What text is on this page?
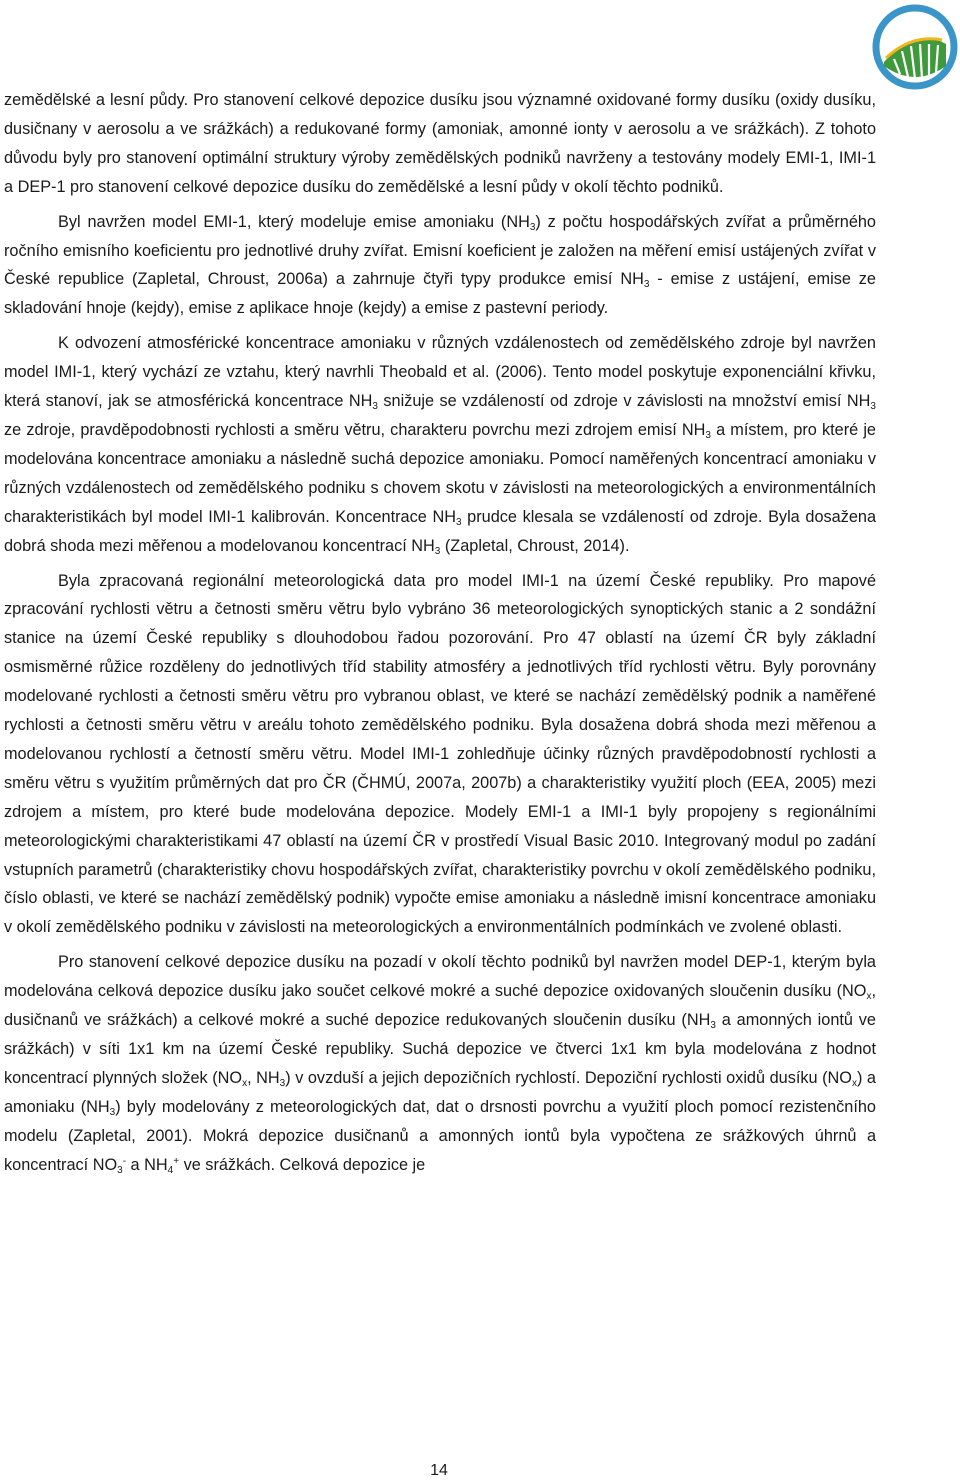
zemědělské a lesní půdy. Pro stanovení celkové depozice dusíku jsou významné oxidované formy dusíku (oxidy dusíku, dusičnany v aerosolu a ve srážkách) a redukované formy (amoniak, amonné ionty v aerosolu a ve srážkách). Z tohoto důvodu byly pro stanovení optimální struktury výroby zemědělských podniků navrženy a testovány modely EMI-1, IMI-1 a DEP-1 pro stanovení celkové depozice dusíku do zemědělské a lesní půdy v okolí těchto podniků.

Byl navržen model EMI-1, který modeluje emise amoniaku $(NH_3)$ z počtu hospodářských zvířat a průměrného ročního emisního koeficientu pro jednotlivé druhy zvířat. Emisní koeficient je založen na měření emisí ustájených zvířat v České republice (Zapletal, Chroust, 2006a) a zahrnuje čtyři typy produkce emisí $NH_3$ - emise z ustájení, emise ze skladování hnoje (kejdy), emise z aplikace hnoje (kejdy) a emise z pastevní periody.

K odvození atmosférické koncentrace amoniaku v různých vzdálenostech od zemědělského zdroje byl navržen model IMI-1, který vychází ze vztahu, který navrhli Theobald et al. (2006). Tento model poskytuje exponenciální křivku, která stanoví, jak se atmosférická koncentrace $NH_3$ snižuje se vzdáleností od zdroje v závislosti na množství emisí $NH_3$ ze zdroje, pravděpodobnosti rychlosti a směru větru, charakteru povrchu mezi zdrojem emisí $NH_3$ a místem, pro které je modelována koncentrace amoniaku a následně suchá depozice amoniaku. Pomocí naměřených koncentrací amoniaku v různých vzdálenostech od zemědělského podniku s chovem skotu v závislosti na meteorologických a environmentálních charakteristikách byl model IMI-1 kalibrován. Koncentrace $NH_3$ prudce klesala se vzdáleností od zdroje. Byla dosažena dobrá shoda mezi měřenou a modelovanou koncentrací $NH_3$ (Zapletal, Chroust, 2014).

Byla zpracovaná regionální meteorologická data pro model IMI-1 na území České republiky. Pro mapové zpracování rychlosti větru a četnosti směru větru bylo vybráno 36 meteorologických synoptických stanic a 2 sondážní stanice na území České republiky s dlouhodobou řadou pozorování. Pro 47 oblastí na území ČR byly základní osmisměrné růžice rozděleny do jednotlivých tříd stability atmosféry a jednotlivých tříd rychlosti větru. Byly porovnány modelované rychlosti a četnosti směru větru pro vybranou oblast, ve které se nachází zemědělský podnik a naměřené rychlosti a četnosti směru větru v areálu tohoto zemědělského podniku. Byla dosažena dobrá shoda mezi měřenou a modelovanou rychlostí a četností směru větru. Model IMI-1 zohledňuje účinky různých pravděpodobností rychlosti a směru větru s využitím průměrných dat pro ČR (ČHMÚ, 2007a, 2007b) a charakteristiky využití ploch (EEA, 2005) mezi zdrojem a místem, pro které bude modelována depozice. Modely EMI-1 a IMI-1 byly propojeny s regionálními meteorologickými charakteristikami 47 oblastí na území ČR v prostředí Visual Basic 2010. Integrovaný modul po zadání vstupních parametrů (charakteristiky chovu hospodářských zvířat, charakteristiky povrchu v okolí zemědělského podniku, číslo oblasti, ve které se nachází zemědělský podnik) vypočte emise amoniaku a následně imisní koncentrace amoniaku v okolí zemědělského podniku v závislosti na meteorologických a environmentálních podmínkách ve zvolené oblasti.

Pro stanovení celkové depozice dusíku na pozadí v okolí těchto podniků byl navržen model DEP-1, kterým byla modelována celková depozice dusíku jako součet celkové mokré a suché depozice oxidovaných sloučenin dusíku ($NO_x$, dusičnanů ve srážkách) a celkové mokré a suché depozice redukovaných sloučenin dusíku ($NH_3$ a amonných iontů ve srážkách) v síti 1x1 km na území České republiky. Suchá depozice ve čtverci 1x1 km byla modelována z hodnot koncentrací plynných složek ($NO_x$, $NH_3$) v ovzduší a jejich depozičních rychlostí. Depoziční rychlosti oxidů dusíku $(NO_x)$ a amoniaku $(NH_3)$ byly modelovány z meteorologických dat, dat o drsnosti povrchu a využití ploch pomocí rezistenčního modelu (Zapletal, 2001). Mokrá depozice dusičnanů a amonných iontů byla vypočtena ze srážkových úhrnů a koncentrací $NO_3^-$ a $NH_4^+$ ve srážkách. Celková depozice je

14
